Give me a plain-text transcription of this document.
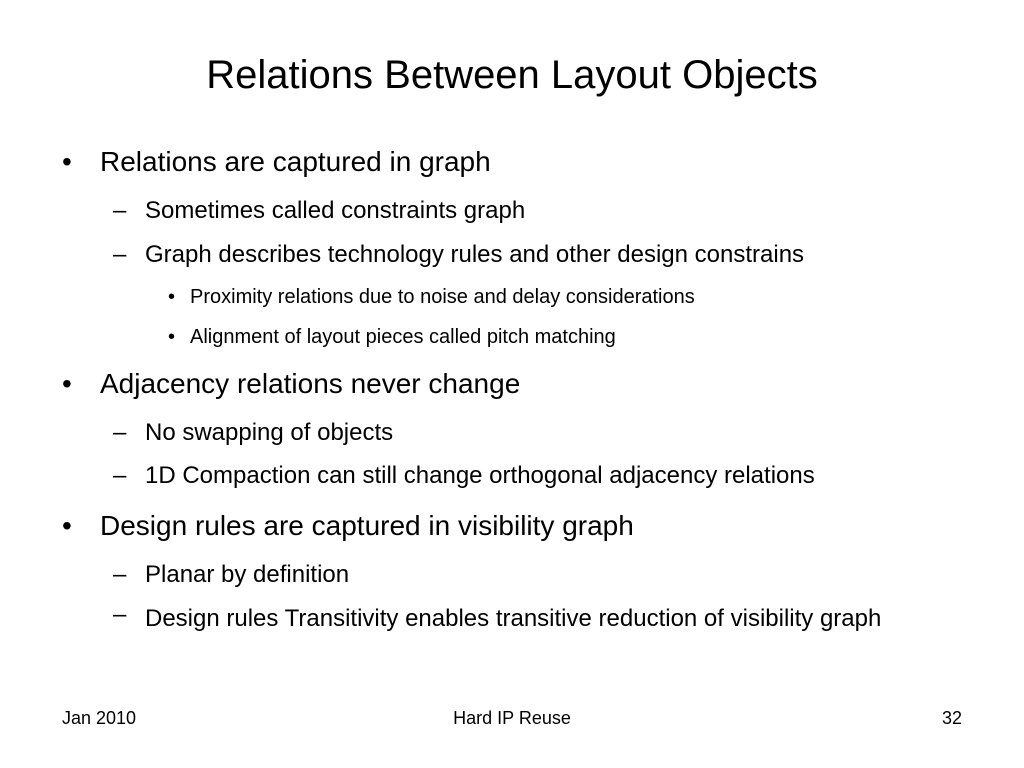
Relations Between Layout Objects
• Relations are captured in graph
– Sometimes called constraints graph
– Graph describes technology rules and other design constrains
• Proximity relations due to noise and delay considerations
• Alignment of layout pieces called pitch matching
• Adjacency relations never change
– No swapping of objects
– 1D Compaction can still change orthogonal adjacency relations
• Design rules are captured in visibility graph
– Planar by definition
– Design rules Transitivity enables transitive reduction of visibility graph
Jan 2010	Hard IP Reuse	32
